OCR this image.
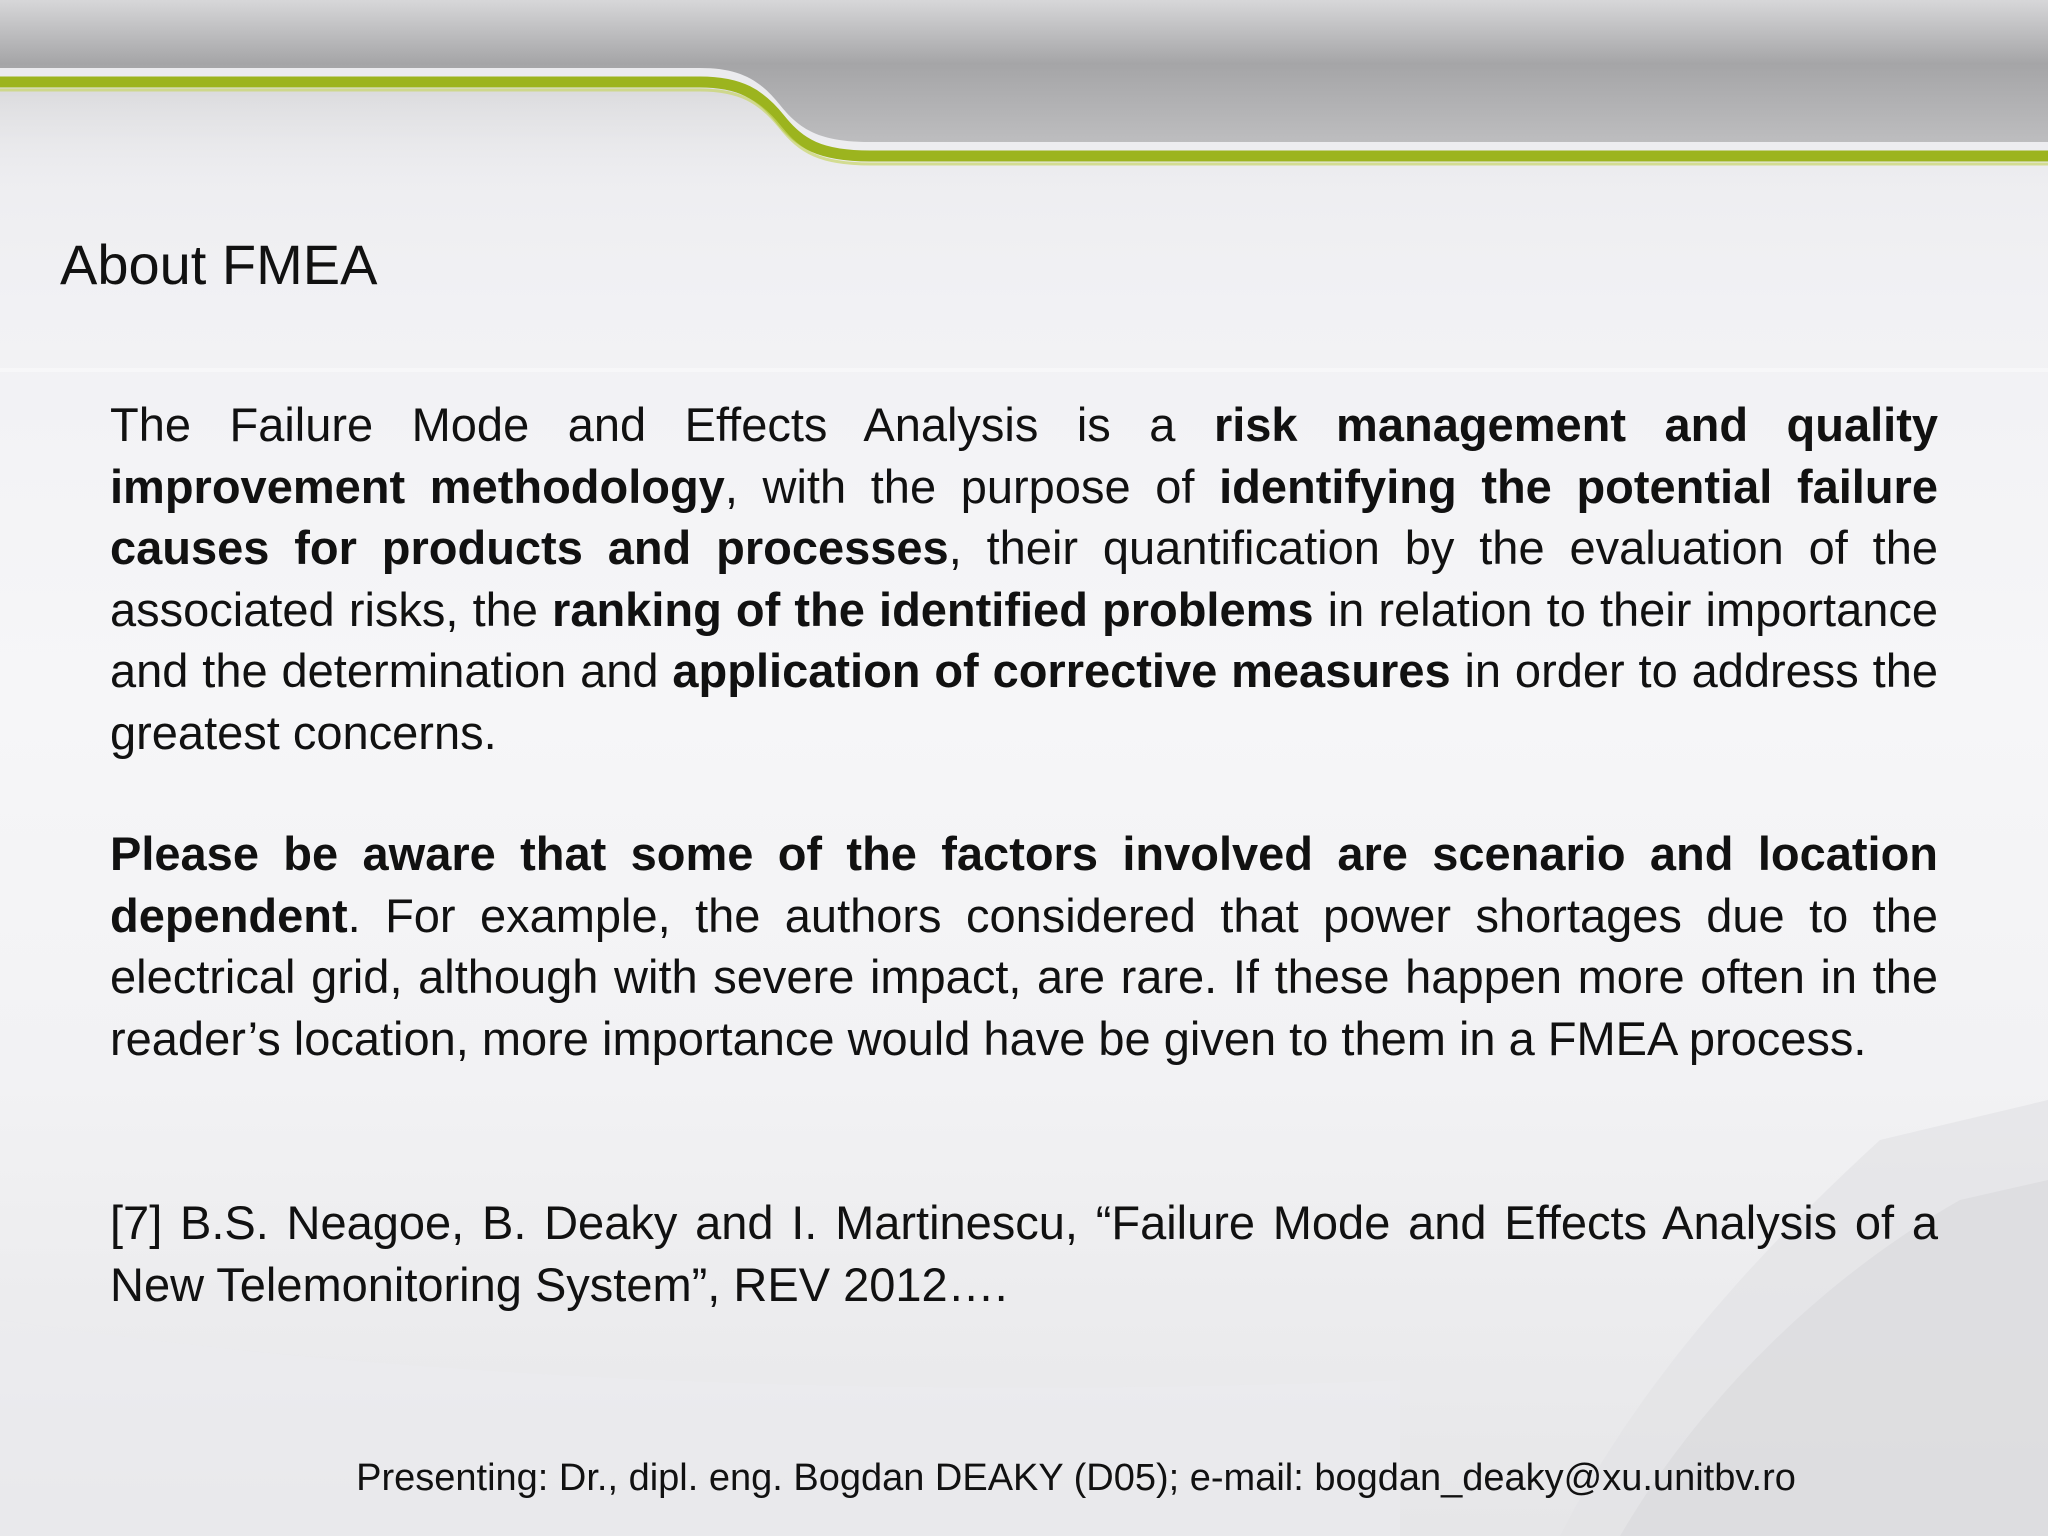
About FMEA

The Failure Mode and Effects Analysis is a risk management and quality improvement methodology, with the purpose of identifying the potential failure causes for products and processes, their quantification by the evaluation of the associated risks, the ranking of the identified problems in relation to their importance and the determination and application of corrective measures in order to address the greatest concerns.

Please be aware that some of the factors involved are scenario and location dependent. For example, the authors considered that power shortages due to the electrical grid, although with severe impact, are rare. If these happen more often in the reader’s location, more importance would have be given to them in a FMEA process.

[7] B.S. Neagoe, B. Deaky and I. Martinescu, “Failure Mode and Effects Analysis of a New Telemonitoring System”, REV 2012….

Presenting: Dr., dipl. eng. Bogdan DEAKY (D05); e-mail: bogdan_deaky@xu.unitbv.ro
